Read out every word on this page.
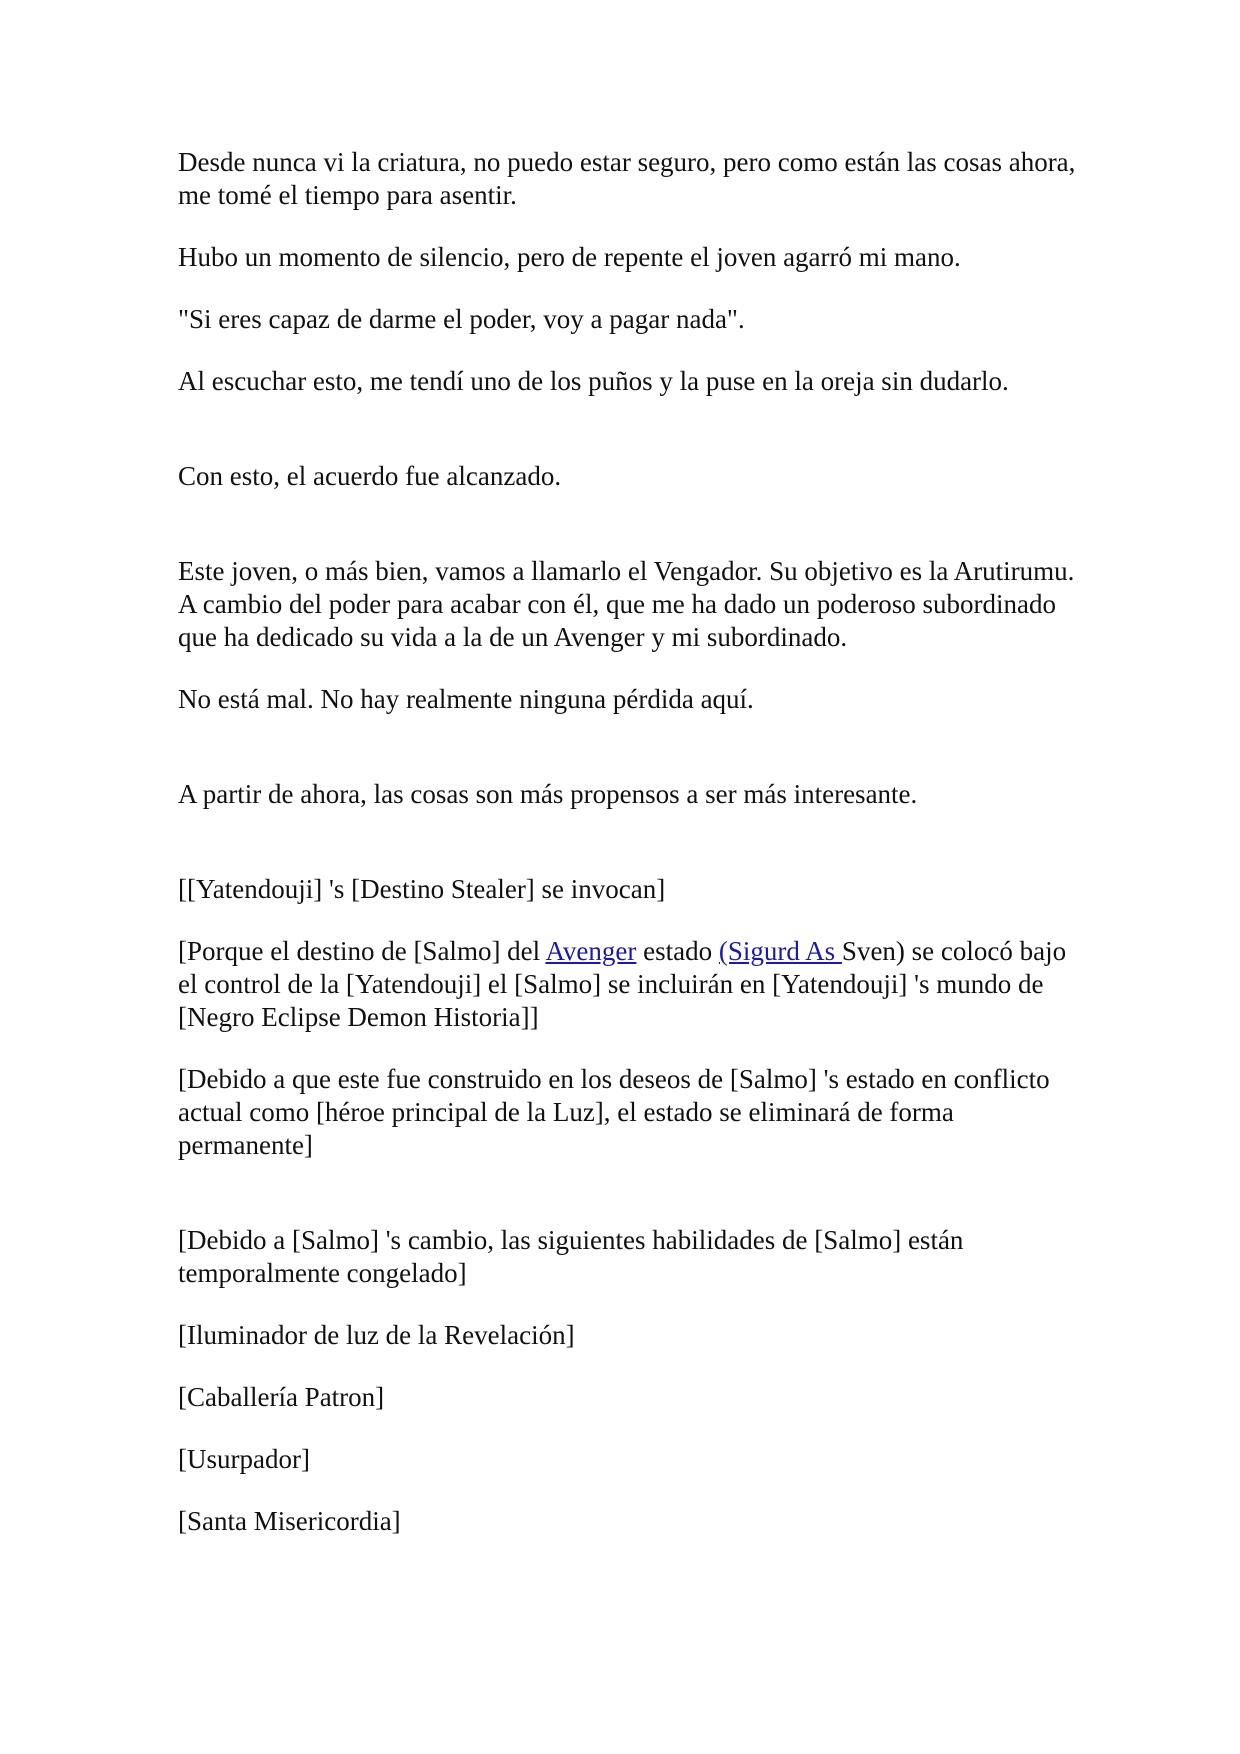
Desde nunca vi la criatura, no puedo estar seguro, pero como están las cosas ahora, me tomé el tiempo para asentir.

Hubo un momento de silencio, pero de repente el joven agarró mi mano.

"Si eres capaz de darme el poder, voy a pagar nada".

Al escuchar esto, me tendí uno de los puños y la puse en la oreja sin dudarlo.

Con esto, el acuerdo fue alcanzado.

Este joven, o más bien, vamos a llamarlo el Vengador. Su objetivo es la Arutirumu. A cambio del poder para acabar con él, que me ha dado un poderoso subordinado que ha dedicado su vida a la de un Avenger y mi subordinado.

No está mal. No hay realmente ninguna pérdida aquí.

A partir de ahora, las cosas son más propensos a ser más interesante.

[[Yatendouji] 's [Destino Stealer] se invocan]

[Porque el destino de [Salmo] del Avenger estado (Sigurd As Sven) se colocó bajo el control de la [Yatendouji] el [Salmo] se incluirán en [Yatendouji] 's mundo de [Negro Eclipse Demon Historia]]

[Debido a que este fue construido en los deseos de [Salmo] 's estado en conflicto actual como [héroe principal de la Luz], el estado se eliminará de forma permanente]

[Debido a [Salmo] 's cambio, las siguientes habilidades de [Salmo] están temporalmente congelado]

[Iluminador de luz de la Revelación]

[Caballería Patron]

[Usurpador]

[Santa Misericordia]
